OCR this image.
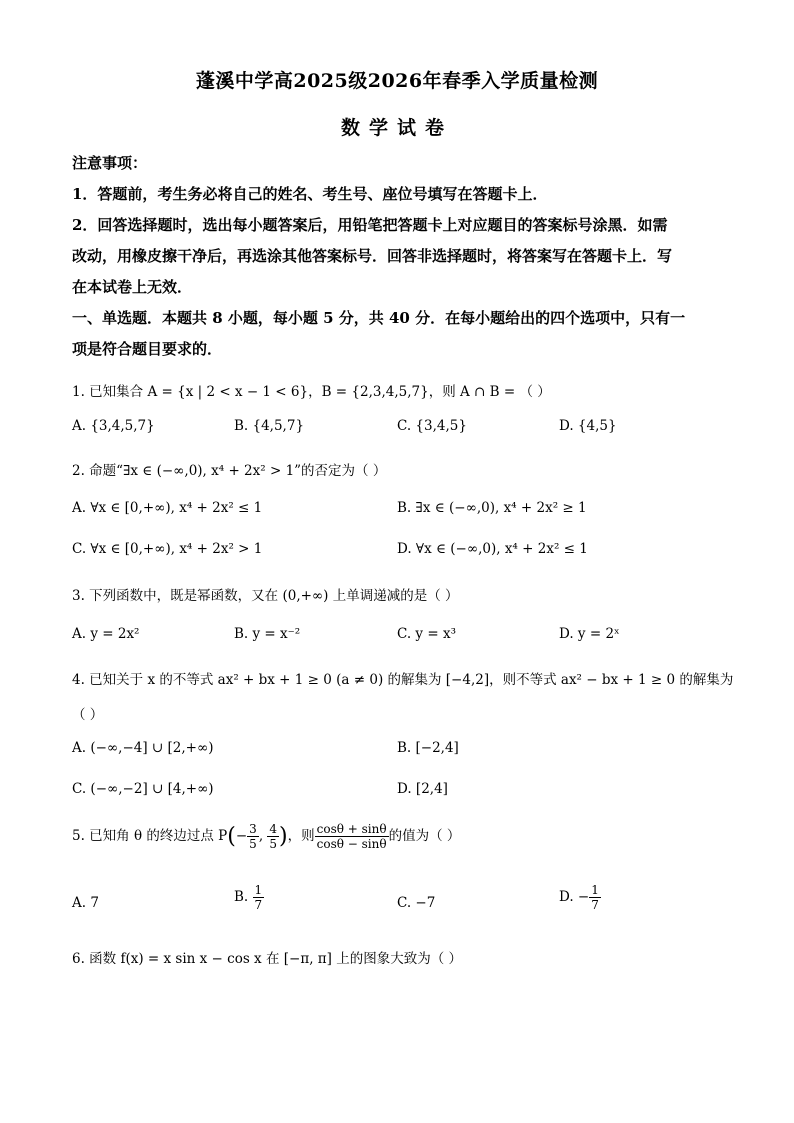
蓬溪中学高2025级2026年春季入学质量检测
数学试卷
注意事项：
1．答题前，考生务必将自己的姓名、考生号、座位号填写在答题卡上．
2．回答选择题时，选出每小题答案后，用铅笔把答题卡上对应题目的答案标号涂黑．如需
改动，用橡皮擦干净后，再选涂其他答案标号．回答非选择题时，将答案写在答题卡上．写
在本试卷上无效．
一、单选题．本题共 8 小题，每小题 5 分，共 40 分．在每小题给出的四个选项中，只有一
项是符合题目要求的．
1. 已知集合 A = {x | 2 < x − 1 < 6}，B = {2,3,4,5,7}，则 A ∩ B = （ ）
A. {3,4,5,7}	B. {4,5,7}	C. {3,4,5}	D. {4,5}
2. 命题“∃x ∈ (−∞,0), x⁴ + 2x² > 1”的否定为（ ）
A. ∀x ∈ [0,+∞), x⁴ + 2x² ≤ 1	B. ∃x ∈ (−∞,0), x⁴ + 2x² ≥ 1
C. ∀x ∈ [0,+∞), x⁴ + 2x² > 1	D. ∀x ∈ (−∞,0), x⁴ + 2x² ≤ 1
3. 下列函数中，既是幂函数，又在 (0,+∞) 上单调递减的是（ ）
A. y = 2x²	B. y = x⁻²	C. y = x³	D. y = 2ˣ
4. 已知关于 x 的不等式 ax² + bx + 1 ≥ 0 (a ≠ 0) 的解集为 [−4,2]，则不等式 ax² − bx + 1 ≥ 0 的解集为
（ ）
A. (−∞,−4] ∪ [2,+∞)	B. [−2,4]
C. (−∞,−2] ∪ [4,+∞)	D. [2,4]
5. 已知角 θ 的终边过点 $P(- \frac{3}{5}$ , $\frac{4}{5}$ )，则 $\frac{\cos\theta + \sin\theta}{\cos\theta - \sin\theta}$ 的值为（ ）
A. 7	B. $\frac{1}{7}$	C. −7	D. − $\frac{1}{7}$
6. 函数 f(x) = x sin x − cos x 在 [−π, π] 上的图象大致为（ ）
